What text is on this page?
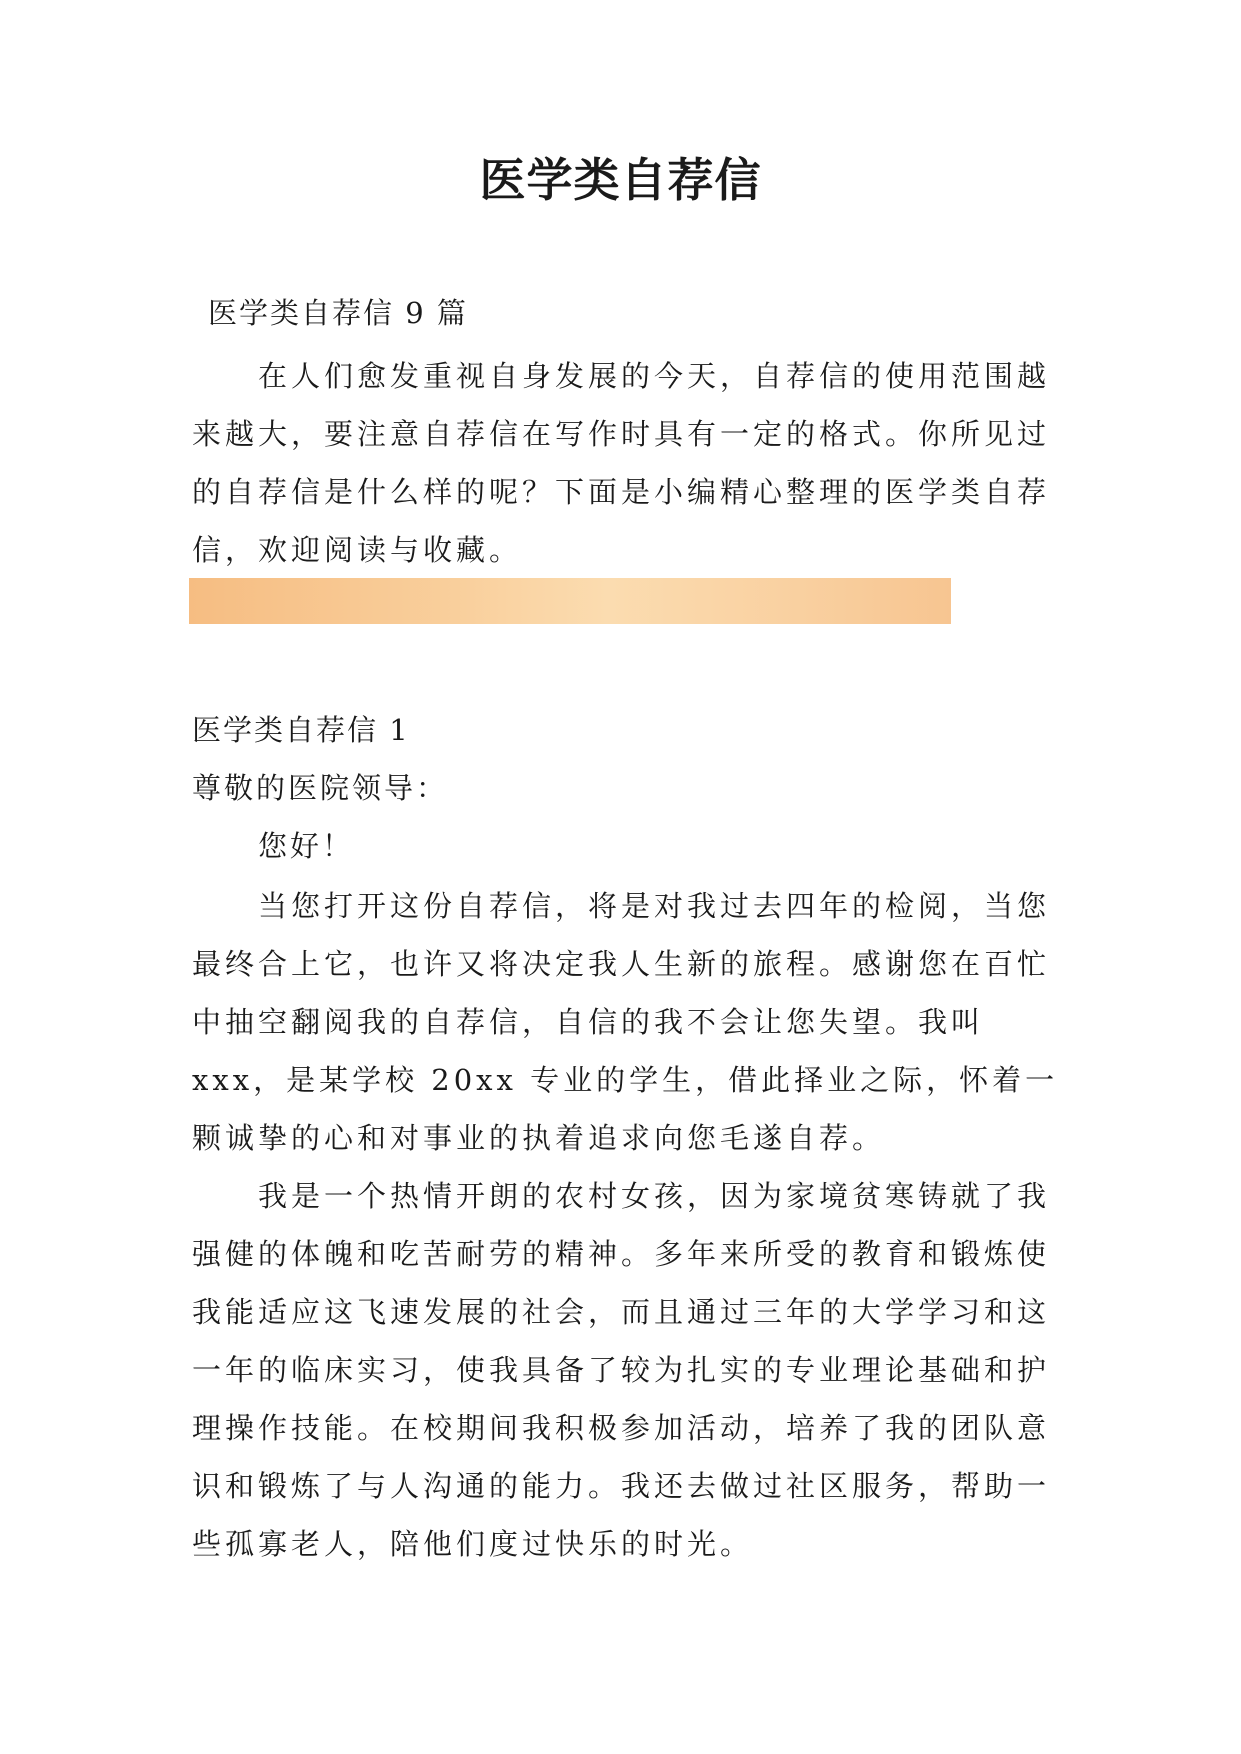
医学类自荐信
医学类自荐信 9 篇

在人们愈发重视自身发展的今天，自荐信的使用范围越来越大，要注意自荐信在写作时具有一定的格式。你所见过的自荐信是什么样的呢？下面是小编精心整理的医学类自荐信，欢迎阅读与收藏。

医学类自荐信 1
尊敬的医院领导：
您好！

当您打开这份自荐信，将是对我过去四年的检阅，当您最终合上它，也许又将决定我人生新的旅程。感谢您在百忙中抽空翻阅我的自荐信，自信的我不会让您失望。我叫 xxx，是某学校 20xx 专业的学生，借此择业之际，怀着一颗诚挚的心和对事业的执着追求向您毛遂自荐。

我是一个热情开朗的农村女孩，因为家境贫寒铸就了我强健的体魄和吃苦耐劳的精神。多年来所受的教育和锻炼使我能适应这飞速发展的社会，而且通过三年的大学学习和这一年的临床实习，使我具备了较为扎实的专业理论基础和护理操作技能。在校期间我积极参加活动，培养了我的团队意识和锻炼了与人沟通的能力。我还去做过社区服务，帮助一些孤寡老人，陪他们度过快乐的时光。
